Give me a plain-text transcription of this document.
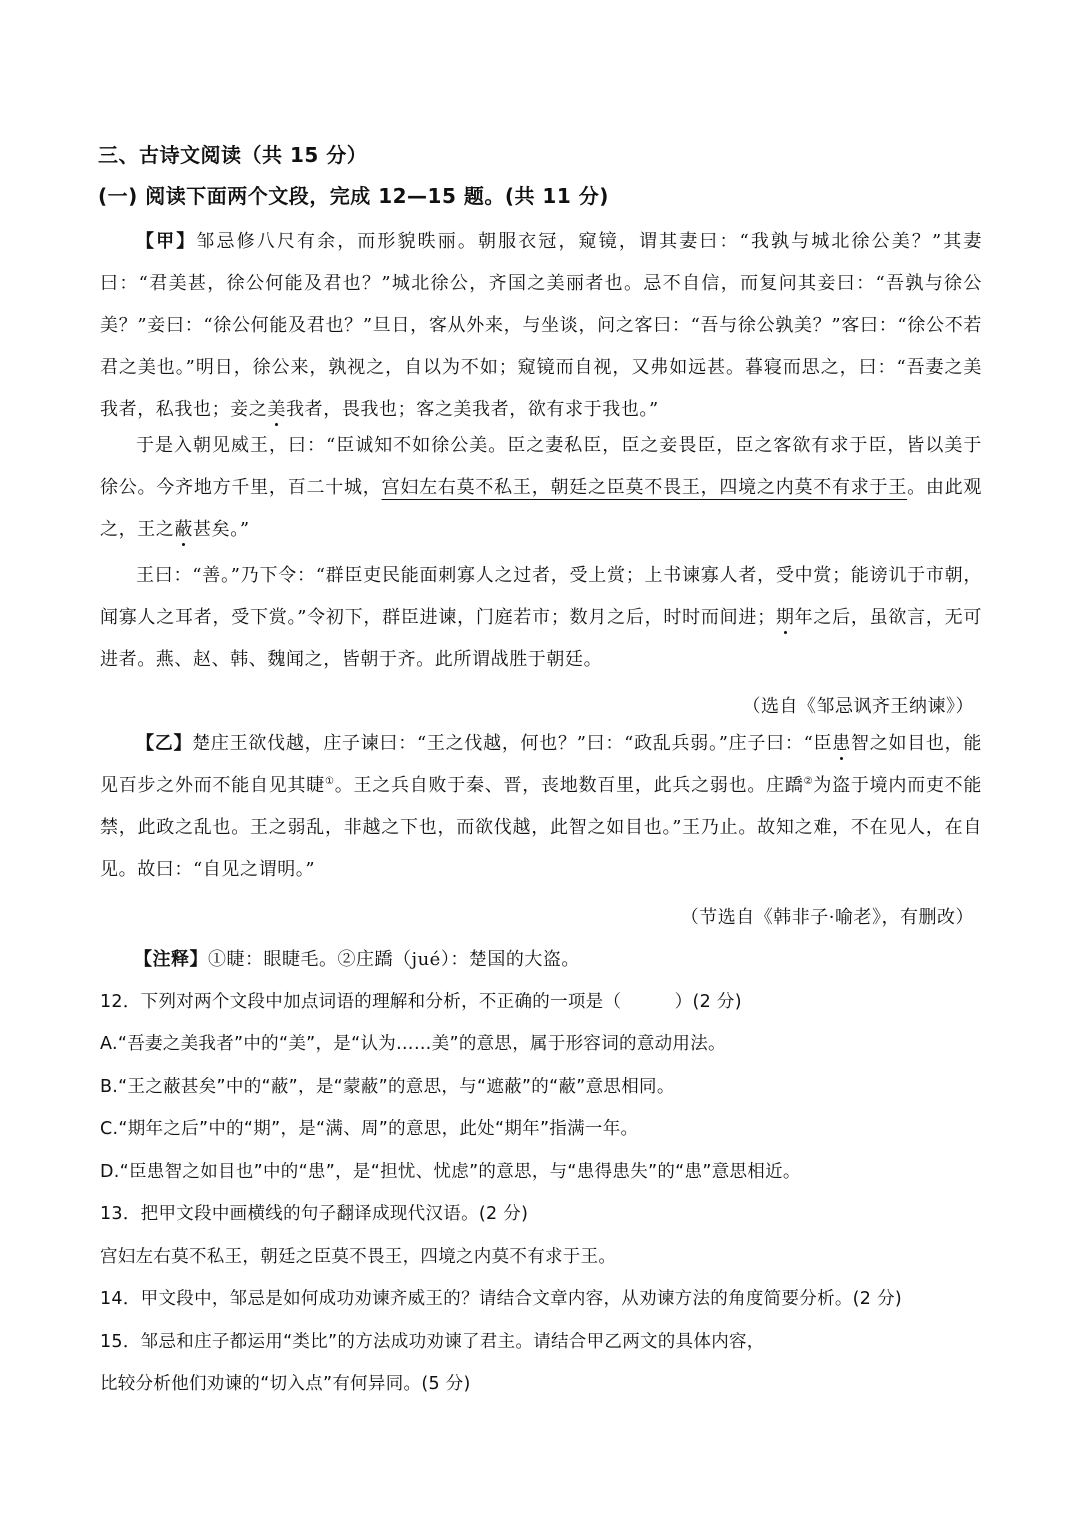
三、古诗文阅读（共 15 分）
(一) 阅读下面两个文段，完成 12—15 题。(共 11 分)
【甲】邹忌修八尺有余，而形貌昳丽。朝服衣冠，窥镜，谓其妻曰：“我孰与城北徐公美？”其妻曰：“君美甚，徐公何能及君也？”城北徐公，齐国之美丽者也。忌不自信，而复问其妾曰：“吾孰与徐公美？”妾曰：“徐公何能及君也？”旦日，客从外来，与坐谈，问之客曰：“吾与徐公孰美？”客曰：“徐公不若君之美也。”明日，徐公来，孰视之，自以为不如；窥镜而自视，又弗如远甚。暮寝而思之，曰：“吾妻之美我者，私我也；妾之美我者，畏我也；客之美我者，欲有求于我也。”
于是入朝见威王，曰：“臣诚知不如徐公美。臣之妻私臣，臣之妾畏臣，臣之客欲有求于臣，皆以美于徐公。今齐地方千里，百二十城，宫妇左右莫不私王，朝廷之臣莫不畏王，四境之内莫不有求于王。由此观之，王之蔽甚矣。”
王曰：“善。”乃下令：“群臣吏民能面刺寡人之过者，受上赏；上书谏寡人者，受中赏；能谤讥于市朝，闻寡人之耳者，受下赏。”令初下，群臣进谏，门庭若市；数月之后，时时而间进；期年之后，虽欲言，无可进者。燕、赵、韩、魏闻之，皆朝于齐。此所谓战胜于朝廷。
（选自《邹忌讽齐王纳谏》）
【乙】楚庄王欲伐越，庄子谏曰：“王之伐越，何也？”曰：“政乱兵弱。”庄子曰：“臣患智之如目也，能见百步之外而不能自见其睫①。王之兵自败于秦、晋，丧地数百里，此兵之弱也。庄蹻②为盗于境内而吏不能禁，此政之乱也。王之弱乱，非越之下也，而欲伐越，此智之如目也。”王乃止。故知之难，不在见人，在自见。故曰：“自见之谓明。”
（节选自《韩非子·喻老》，有删改）
【注释】①睫：眼睫毛。②庄蹻（jué）：楚国的大盗。
12．下列对两个文段中加点词语的理解和分析，不正确的一项是（　　　）(2 分)
A.“吾妻之美我者”中的“美”，是“认为……美”的意思，属于形容词的意动用法。
B.“王之蔽甚矣”中的“蔽”，是“蒙蔽”的意思，与“遮蔽”的“蔽”意思相同。
C.“期年之后”中的“期”，是“满、周”的意思，此处“期年”指满一年。
D.“臣患智之如目也”中的“患”，是“担忧、忧虑”的意思，与“患得患失”的“患”意思相近。
13．把甲文段中画横线的句子翻译成现代汉语。(2 分)
宫妇左右莫不私王，朝廷之臣莫不畏王，四境之内莫不有求于王。
14．甲文段中，邹忌是如何成功劝谏齐威王的？请结合文章内容，从劝谏方法的角度简要分析。(2 分)
15．邹忌和庄子都运用“类比”的方法成功劝谏了君主。请结合甲乙两文的具体内容，
比较分析他们劝谏的“切入点”有何异同。(5 分)
